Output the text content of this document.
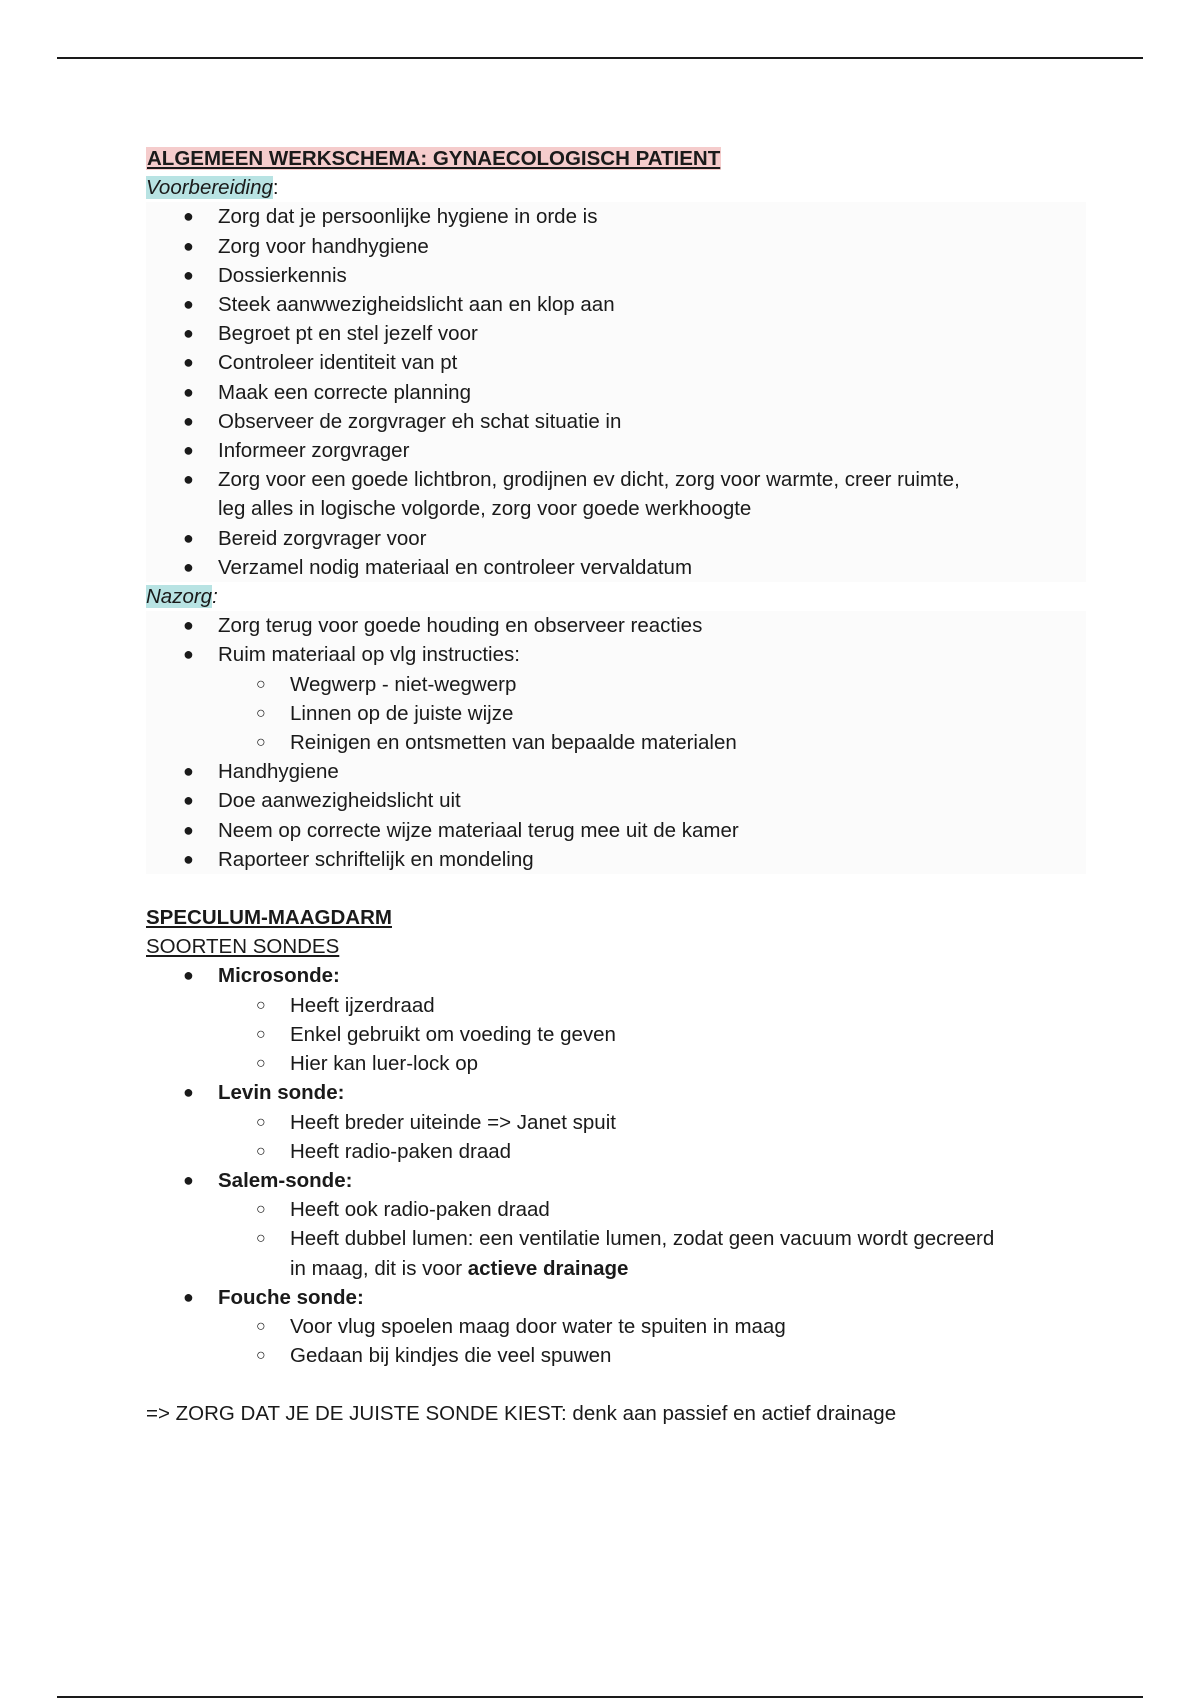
ALGEMEEN WERKSCHEMA: GYNAECOLOGISCH PATIENT
Voorbereiding:
● Zorg dat je persoonlijke hygiene in orde is
● Zorg voor handhygiene
● Dossierkennis
● Steek aanwwezigheidslicht aan en klop aan
● Begroet pt en stel jezelf voor
● Controleer identiteit van pt
● Maak een correcte planning
● Observeer de zorgvrager eh schat situatie in
● Informeer zorgvrager
● Zorg voor een goede lichtbron, grodijnen ev dicht, zorg voor warmte, creer ruimte,
leg alles in logische volgorde, zorg voor goede werkhoogte
● Bereid zorgvrager voor
● Verzamel nodig materiaal en controleer vervaldatum
Nazorg:
● Zorg terug voor goede houding en observeer reacties
● Ruim materiaal op vlg instructies:
○ Wegwerp - niet-wegwerp
○ Linnen op de juiste wijze
○ Reinigen en ontsmetten van bepaalde materialen
● Handhygiene
● Doe aanwezigheidslicht uit
● Neem op correcte wijze materiaal terug mee uit de kamer
● Raporteer schriftelijk en mondeling
SPECULUM-MAAGDARM
SOORTEN SONDES
● Microsonde:
○ Heeft ijzerdraad
○ Enkel gebruikt om voeding te geven
○ Hier kan luer-lock op
● Levin sonde:
○ Heeft breder uiteinde => Janet spuit
○ Heeft radio-paken draad
● Salem-sonde:
○ Heeft ook radio-paken draad
○ Heeft dubbel lumen: een ventilatie lumen, zodat geen vacuum wordt gecreerd
in maag, dit is voor actieve drainage
● Fouche sonde:
○ Voor vlug spoelen maag door water te spuiten in maag
○ Gedaan bij kindjes die veel spuwen
=> ZORG DAT JE DE JUISTE SONDE KIEST: denk aan passief en actief drainage
